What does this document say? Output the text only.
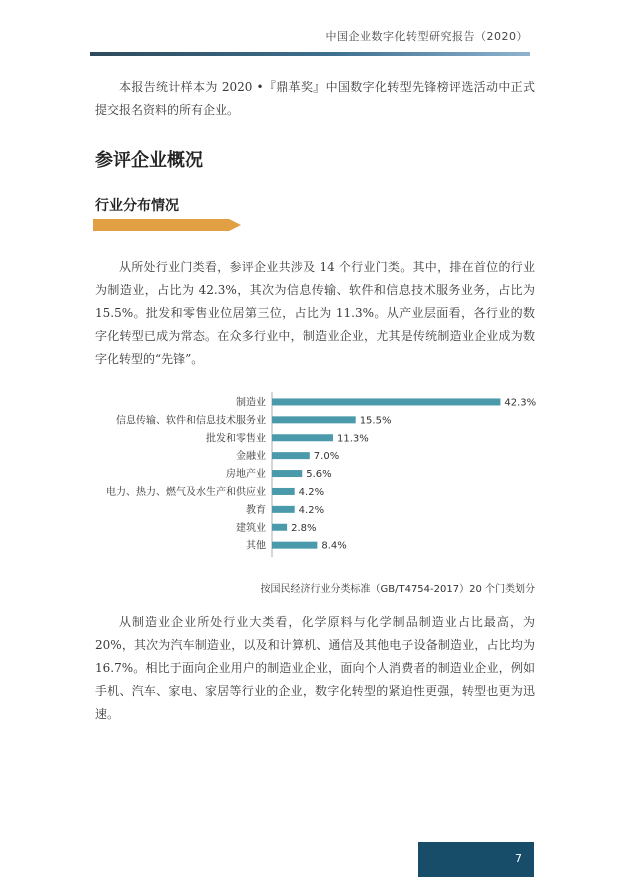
中国企业数字化转型研究报告（2020）

本报告统计样本为 2020 •『鼎革奖』中国数字化转型先锋榜评选活动中正式提交报名资料的所有企业。

参评企业概况
行业分布情况

从所处行业门类看，参评企业共涉及 14 个行业门类。其中，排在首位的行业为制造业，占比为 42.3%，其次为信息传输、软件和信息技术服务业务，占比为 15.5%。批发和零售业位居第三位，占比为 11.3%。从产业层面看，各行业的数字化转型已成为常态。在众多行业中，制造业企业，尤其是传统制造业企业成为数字化转型的“先锋”。

制造业	42.3%
信息传输、软件和信息技术服务业	15.5%
批发和零售业	11.3%
金融业	7.0%
房地产业	5.6%
电力、热力、燃气及水生产和供应业	4.2%
教育	4.2%
建筑业	2.8%
其他	8.4%

按国民经济行业分类标准（GB/T4754-2017）20 个门类划分

从制造业企业所处行业大类看，化学原料与化学制品制造业占比最高，为 20%，其次为汽车制造业，以及和计算机、通信及其他电子设备制造业，占比均为 16.7%。相比于面向企业用户的制造业企业，面向个人消费者的制造业企业，例如手机、汽车、家电、家居等行业的企业，数字化转型的紧迫性更强，转型也更为迅速。

7
